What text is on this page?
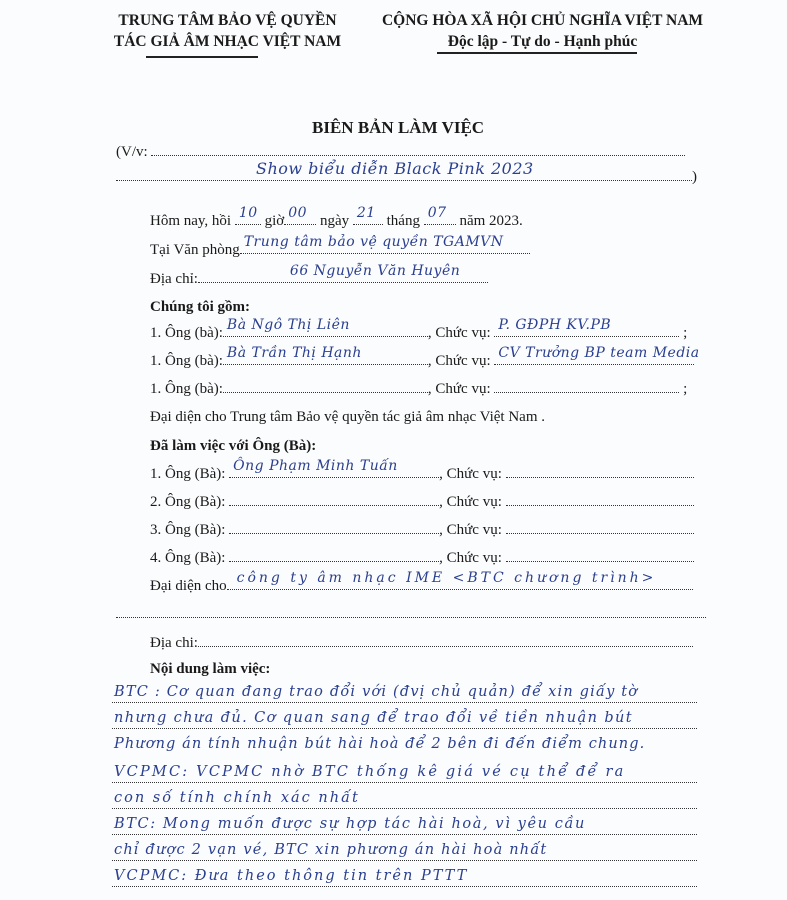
TRUNG TÂM BẢO VỆ QUYỀN
TÁC GIẢ ÂM NHẠC VIỆT NAM
CỘNG HÒA XÃ HỘI CHỦ NGHĨA VIỆT NAM
Độc lập - Tự do - Hạnh phúc
BIÊN BẢN LÀM VIỆC
(V/v:
Show biểu diễn Black Pink 2023	)
Hôm nay, hồi 10 giờ 00 ngày 21 tháng 07 năm 2023.
Tại Văn phòng Trung tâm bảo vệ quyền TGAMVN
Địa chỉ:	66 Nguyễn Văn Huyên
Chúng tôi gồm:
1. Ông (bà): Bà Ngô Thị Liên	, Chức vụ: P. GĐPH KV.PB	;
1. Ông (bà): Bà Trần Thị Hạnh	, Chức vụ: CV Trưởng BP team Media
1. Ông (bà):	, Chức vụ:	;
Đại diện cho Trung tâm Bảo vệ quyền tác giả âm nhạc Việt Nam .
Đã làm việc với Ông (Bà):
1. Ông (Bà): Ông Phạm Minh Tuấn	, Chức vụ:
2. Ông (Bà):	, Chức vụ:
3. Ông (Bà):	, Chức vụ:
4. Ông (Bà):	, Chức vụ:
Đại diện cho công ty âm nhạc IME <BTC chương trình>
Địa chi:
Nội dung làm việc:
BTC : Cơ quan đang trao đổi với (đvị chủ quản) để xin giấy tờ
nhưng chưa đủ. Cơ quan sang để trao đổi về tiền nhuận bút
Phương án tính nhuận bút hài hoà để 2 bên đi đến điểm chung.
VCPMC: VCPMC nhờ BTC thống kê giá vé cụ thể để ra
con số tính chính xác nhất
BTC: Mong muốn được sự hợp tác hài hoà, vì yêu cầu
chỉ được 2 vạn vé, BTC xin phương án hài hoà nhất
VCPMC: Đưa theo thông tin trên PTTT
